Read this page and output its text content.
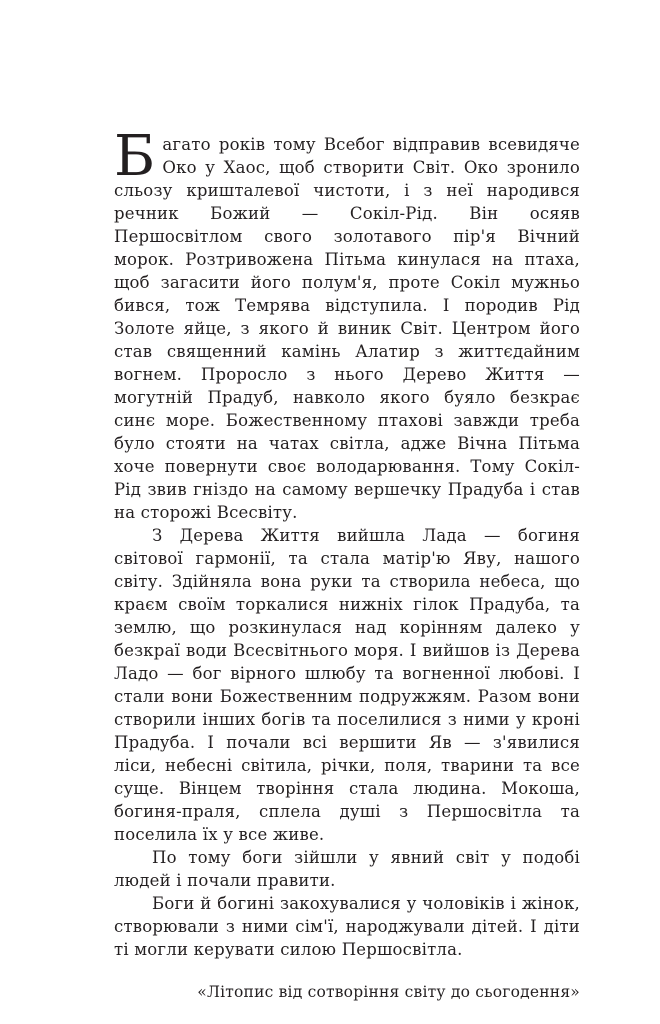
Багато років тому Всебог відправив всевидяче Око у Хаос, щоб створити Світ. Око зронило сльозу кришталевої чистоти, і з неї народився речник Божий — Сокіл-Рід. Він осяяв Першосвітлом свого золотавого пір'я Вічний морок. Розтривожена Пітьма кинулася на птаха, щоб загасити його полум'я, проте Сокіл мужньо бився, тож Темрява відступила. І породив Рід Золоте яйце, з якого й виник Світ. Центром його став священний камінь Алатир з життєдайним вогнем. Проросло з нього Дерево Життя — могутній Прадуб, навколо якого буяло безкрає синє море. Божественному птахові завжди треба було стояти на чатах світла, адже Вічна Пітьма хоче повернути своє володарювання. Тому Сокіл-Рід звив гніздо на самому вершечку Прадуба і став на сторожі Всесвіту.

З Дерева Життя вийшла Лада — богиня світової гармонії, та стала матір'ю Яву, нашого світу. Здійняла вона руки та створила небеса, що краєм своїм торкалися нижніх гілок Прадуба, та землю, що розкинулася над корінням далеко у безкраї води Всесвітнього моря. І вийшов із Дерева Ладо — бог вірного шлюбу та вогненної любові. І стали вони Божественним подружжям. Разом вони створили інших богів та поселилися з ними у кроні Прадуба. І почали всі вершити Яв — з'явилися ліси, небесні світила, річки, поля, тварини та все суще. Вінцем творіння стала людина. Мокоша, богиня-праля, сплела душі з Першосвітла та поселила їх у все живе.

По тому боги зійшли у явний світ у подобі людей і почали правити.

Боги й богині закохувалися у чоловіків і жінок, створювали з ними сім'ї, народжували дітей. І діти ті могли керувати силою Першосвітла.

«Літопис від сотворіння світу до сьогодення»
